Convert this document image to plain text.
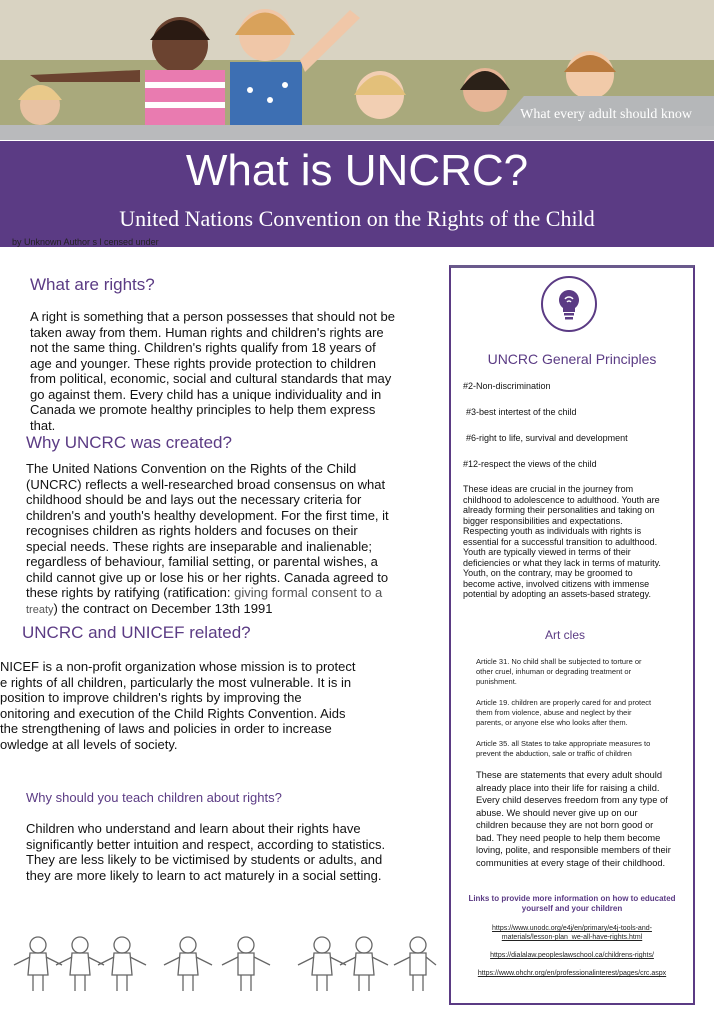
What every adult should know
What is UNCRC?
United Nations Convention on the Rights of the Child
by Unknown Author s l censed under
What are rights?

A right is something that a person possesses that should not be

taken away from them. Human rights and children's rights are

not the same thing. Children's rights qualify from 18 years of

age and younger. These rights provide protection to children

from political, economic, social and cultural standards that may

go against them. Every child has a unique individuality and in

Canada we promote healthy principles to help them express

that.

Why UNCRC was created?

The United Nations Convention on the Rights of the Child

(UNCRC) reflects a well-researched broad consensus on what

childhood should be and lays out the necessary criteria for

children's and youth's healthy development. For the first time, it

recognises children as rights holders and focuses on their

special needs. These rights are inseparable and inalienable;

regardless of behaviour, familial setting, or parental wishes, a

child cannot give up or lose his or her rights. Canada agreed to

these rights by ratifying (ratification: giving formal consent to a

treaty) the contract on December 13th 1991

UNCRC and UNICEF related?

NICEF is a non-profit organization whose mission is to protect

e rights of all children, particularly the most vulnerable. It is in

position to improve children's rights by improving the

onitoring and execution of the Child Rights Convention. Aids

the strengthening of laws and policies in order to increase

owledge at all levels of society.

Why should you teach children about rights?

Children who understand and learn about their rights have

significantly better intuition and respect, according to statistics.

They are less likely to be victimised by students or adults, and

they are more likely to learn to act maturely in a social setting.

UNCRC General Principles

#2-Non-discrimination

#3-best intertest of the child

#6-right to life, survival and development

#12-respect the views of the child

These ideas are crucial in the journey from

childhood to adolescence to adulthood. Youth are

already forming their personalities and taking on

bigger responsibilities and expectations.

Respecting youth as individuals with rights is

essential for a successful transition to adulthood.

Youth are typically viewed in terms of their

deficiencies or what they lack in terms of maturity.

Youth, on the contrary, may be groomed to

become active, involved citizens with immense

potential by adopting an assets-based strategy.

Art cles

Article 31. No child shall be subjected to torture or

other cruel, inhuman or degrading treatment or

punishment.

Article 19. children are properly cared for and protect

them from violence, abuse and neglect by their

parents, or anyone else who looks after them.

Article 35. all States to take appropriate measures to

prevent the abduction, sale or traffic of children

These are statements that every adult should

already place into their life for raising a child.

Every child deserves freedom from any type of

abuse. We should never give up on our

children because they are not born good or

bad. They need people to help them become

loving, polite, and responsible members of their

communities at every stage of their childhood.

Links to provide more information on how to educated
yourself and your children
https://www.unodc.org/e4j/en/primary/e4j-tools-and-
materials/lesson-plan_we-all-have-rights.html
https://dialalaw.peopleslawschool.ca/childrens-rights/
https://www.ohchr.org/en/professionalinterest/pages/crc.aspx
